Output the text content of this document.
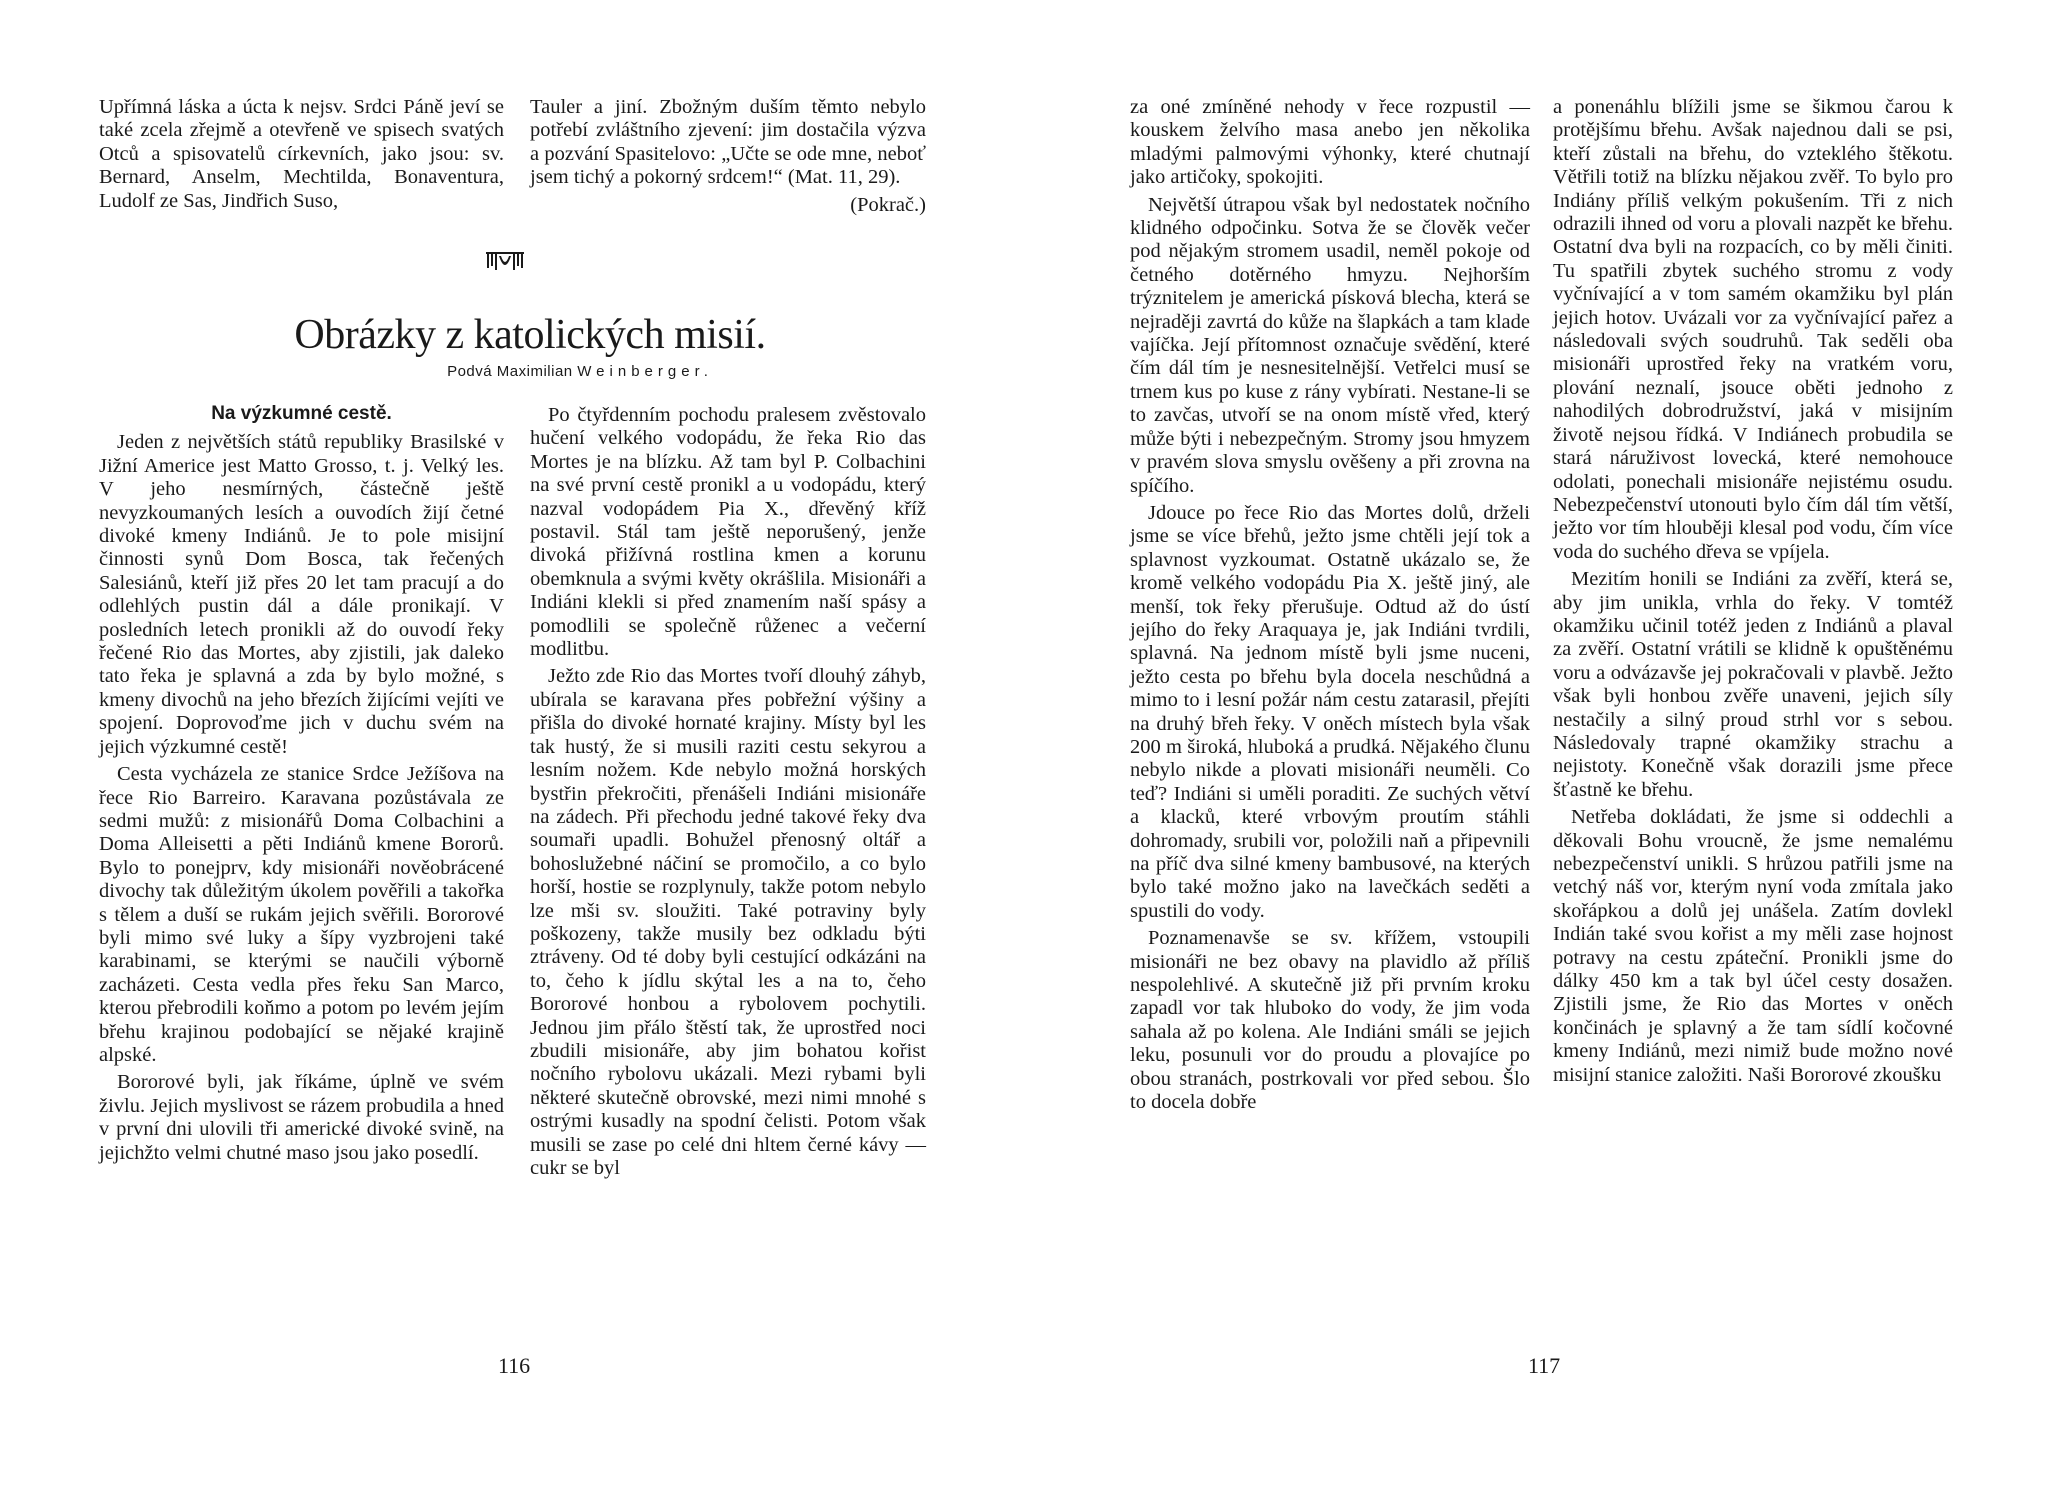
Upřímná láska a úcta k nejsv. Srdci Páně jeví se také zcela zřejmě a otevřeně ve spisech svatých Otců a spisovatelů církevních, jako jsou: sv. Bernard, Anselm, Mechtilda, Bonaventura, Ludolf ze Sas, Jindřich Suso,

Tauler a jiní. Zbožným duším těmto nebylo potřebí zvláštního zjevení: jim dostačila výzva a pozvání Spasitelovo: „Učte se ode mne, neboť jsem tichý a pokorný srdcem!“ (Mat. 11, 29).

(Pokrač.)

Obrázky z katolických misií.
Podvá Maximilian Weinberger.
Na výzkumné cestě.

Jeden z největších států republiky Brasilské v Jižní Americe jest Matto Grosso, t. j. Velký les. V jeho nesmírných, částečně ještě nevyzkoumaných lesích a ouvodích žijí četné divoké kmeny Indiánů. Je to pole misijní činnosti synů Dom Bosca, tak řečených Salesiánů, kteří již přes 20 let tam pracují a do odlehlých pustin dál a dále pronikají. V posledních letech pronikli až do ouvodí řeky řečené Rio das Mortes, aby zjistili, jak daleko tato řeka je splavná a zda by bylo možné, s kmeny divochů na jeho březích žijícími vejíti ve spojení. Doprovoďme jich v duchu svém na jejich výzkumné cestě!

Cesta vycházela ze stanice Srdce Ježíšova na řece Rio Barreiro. Karavana pozůstávala ze sedmi mužů: z misionářů Doma Colbachini a Doma Alleisetti a pěti Indiánů kmene Bororů. Bylo to ponejprv, kdy misionáři nověobrácené divochy tak důležitým úkolem pověřili a takořka s tělem a duší se rukám jejich svěřili. Bororové byli mimo své luky a šípy vyzbrojeni také karabinami, se kterými se naučili výborně zacházeti. Cesta vedla přes řeku San Marco, kterou přebrodili koňmo a potom po levém jejím břehu krajinou podobající se nějaké krajině alpské.

Bororové byli, jak říkáme, úplně ve svém živlu. Jejich myslivost se rázem probudila a hned v první dni ulovili tři americké divoké svině, na jejichžto velmi chutné maso jsou jako posedlí.

Po čtyřdenním pochodu pralesem zvěstovalo hučení velkého vodopádu, že řeka Rio das Mortes je na blízku. Až tam byl P. Colbachini na své první cestě pronikl a u vodopádu, který nazval vodopádem Pia X., dřevěný kříž postavil. Stál tam ještě neporušený, jenže divoká přižívná rostlina kmen a korunu obemknula a svými květy okrášlila. Misionáři a Indiáni klekli si před znamením naší spásy a pomodlili se společně růženec a večerní modlitbu.

Ježto zde Rio das Mortes tvoří dlouhý záhyb, ubírala se karavana přes pobřežní výšiny a přišla do divoké hornaté krajiny. Místy byl les tak hustý, že si musili raziti cestu sekyrou a lesním nožem. Kde nebylo možná horských bystřin překročiti, přenášeli Indiáni misionáře na zádech. Při přechodu jedné takové řeky dva soumaři upadli. Bohužel přenosný oltář a bohoslužebné náčiní se promočilo, a co bylo horší, hostie se rozplynuly, takže potom nebylo lze mši sv. sloužiti. Také potraviny byly poškozeny, takže musily bez odkladu býti ztráveny. Od té doby byli cestující odkázáni na to, čeho k jídlu skýtal les a na to, čeho Bororové honbou a rybolovem pochytili. Jednou jim přálo štěstí tak, že uprostřed noci zbudili misionáře, aby jim bohatou kořist nočního rybolovu ukázali. Mezi rybami byli některé skutečně obrovské, mezi nimi mnohé s ostrými kusadly na spodní čelisti. Potom však musili se zase po celé dni hltem černé kávy — cukr se byl

116

za oné zmíněné nehody v řece rozpustil — kouskem želvího masa anebo jen několika mladými palmovými výhonky, které chutnají jako artičoky, spokojiti.

Největší útrapou však byl nedostatek nočního klidného odpočinku. Sotva že se člověk večer pod nějakým stromem usadil, neměl pokoje od četného dotěrného hmyzu. Nejhorším trýznitelem je americká písková blecha, která se nejraději zavrtá do kůže na šlapkách a tam klade vajíčka. Její přítomnost označuje svědění, které čím dál tím je nesnesitelnější. Vetřelci musí se trnem kus po kuse z rány vybírati. Nestane-li se to zavčas, utvoří se na onom místě vřed, který může býti i nebezpečným. Stromy jsou hmyzem v pravém slova smyslu ověšeny a při zrovna na spíčího.

Jdouce po řece Rio das Mortes dolů, drželi jsme se více břehů, ježto jsme chtěli její tok a splavnost vyzkoumat. Ostatně ukázalo se, že kromě velkého vodopádu Pia X. ještě jiný, ale menší, tok řeky přerušuje. Odtud až do ústí jejího do řeky Araquaya je, jak Indiáni tvrdili, splavná. Na jednom místě byli jsme nuceni, ježto cesta po břehu byla docela neschůdná a mimo to i lesní požár nám cestu zatarasil, přejíti na druhý břeh řeky. V oněch místech byla však 200 m široká, hluboká a prudká. Nějakého člunu nebylo nikde a plovati misionáři neuměli. Co teď? Indiáni si uměli poraditi. Ze suchých větví a klacků, které vrbovým proutím stáhli dohromady, srubili vor, položili naň a připevnili na příč dva silné kmeny bambusové, na kterých bylo také možno jako na lavečkách seděti a spustili do vody.

Poznamenavše se sv. křížem, vstoupili misionáři ne bez obavy na plavidlo až příliš nespolehlivé. A skutečně již při prvním kroku zapadl vor tak hluboko do vody, že jim voda sahala až po kolena. Ale Indiáni smáli se jejich leku, posunuli vor do proudu a plovajíce po obou stranách, postrkovali vor před sebou. Šlo to docela dobře

a ponenáhlu blížili jsme se šikmou čarou k protějšímu břehu. Avšak najednou dali se psi, kteří zůstali na břehu, do vzteklého štěkotu. Větřili totiž na blízku nějakou zvěř. To bylo pro Indiány příliš velkým pokušením. Tři z nich odrazili ihned od voru a plovali nazpět ke břehu. Ostatní dva byli na rozpacích, co by měli činiti. Tu spatřili zbytek suchého stromu z vody vyčnívající a v tom samém okamžiku byl plán jejich hotov. Uvázali vor za vyčnívající pařez a následovali svých soudruhů. Tak seděli oba misionáři uprostřed řeky na vratkém voru, plování neznalí, jsouce oběti jednoho z nahodilých dobrodružství, jaká v misijním životě nejsou řídká. V Indiánech probudila se stará náruživost lovecká, které nemohouce odolati, ponechali misionáře nejistému osudu. Nebezpečenství utonouti bylo čím dál tím větší, ježto vor tím hlouběji klesal pod vodu, čím více voda do suchého dřeva se vpíjela.

Mezitím honili se Indiáni za zvěří, která se, aby jim unikla, vrhla do řeky. V tomtéž okamžiku učinil totéž jeden z Indiánů a plaval za zvěří. Ostatní vrátili se klidně k opuštěnému voru a odvázavše jej pokračovali v plavbě. Ježto však byli honbou zvěře unaveni, jejich síly nestačily a silný proud strhl vor s sebou. Následovaly trapné okamžiky strachu a nejistoty. Konečně však dorazili jsme přece šťastně ke břehu.

Netřeba dokládati, že jsme si oddechli a děkovali Bohu vroucně, že jsme nemalému nebezpečenství unikli. S hrůzou patřili jsme na vetchý náš vor, kterým nyní voda zmítala jako skořápkou a dolů jej unášela. Zatím dovlekl Indián také svou kořist a my měli zase hojnost potravy na cestu zpáteční. Pronikli jsme do dálky 450 km a tak byl účel cesty dosažen. Zjistili jsme, že Rio das Mortes v oněch končinách je splavný a že tam sídlí kočovné kmeny Indiánů, mezi nimiž bude možno nové misijní stanice založiti. Naši Bororové zkoušku

117
